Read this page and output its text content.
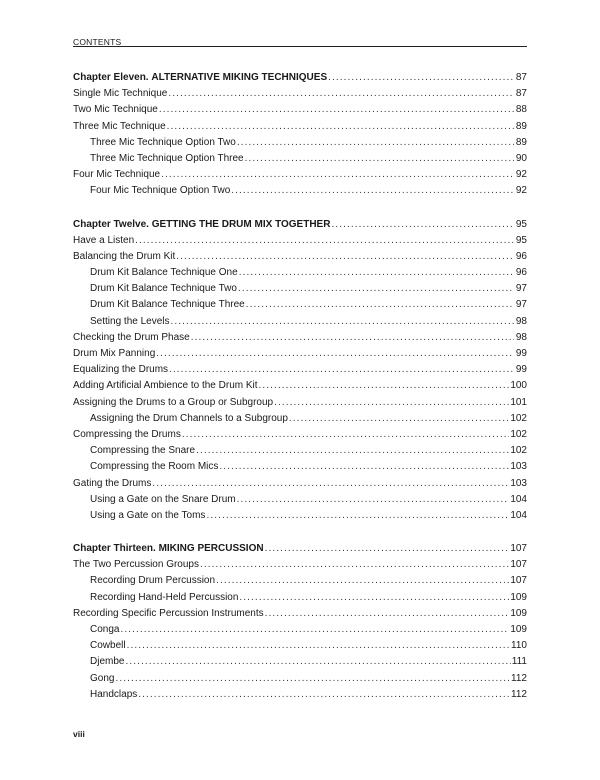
CONTENTS
Chapter Eleven. ALTERNATIVE MIKING TECHNIQUES .....	87
Single Mic Technique .....	87
Two Mic Technique .....	88
Three Mic Technique .....	89
Three Mic Technique Option Two .....	89
Three Mic Technique Option Three .....	90
Four Mic Technique .....	92
Four Mic Technique Option Two .....	92
Chapter Twelve. GETTING THE DRUM MIX TOGETHER .....	95
Have a Listen .....	95
Balancing the Drum Kit .....	96
Drum Kit Balance Technique One .....	96
Drum Kit Balance Technique Two .....	97
Drum Kit Balance Technique Three .....	97
Setting the Levels .....	98
Checking the Drum Phase .....	98
Drum Mix Panning .....	99
Equalizing the Drums .....	99
Adding Artificial Ambience to the Drum Kit .....	100
Assigning the Drums to a Group or Subgroup .....	101
Assigning the Drum Channels to a Subgroup .....	102
Compressing the Drums .....	102
Compressing the Snare .....	102
Compressing the Room Mics .....	103
Gating the Drums .....	103
Using a Gate on the Snare Drum .....	104
Using a Gate on the Toms .....	104
Chapter Thirteen. MIKING PERCUSSION .....	107
The Two Percussion Groups .....	107
Recording Drum Percussion .....	107
Recording Hand-Held Percussion .....	109
Recording Specific Percussion Instruments .....	109
Conga .....	109
Cowbell .....	110
Djembe .....	111
Gong .....	112
Handclaps .....	112
viii
